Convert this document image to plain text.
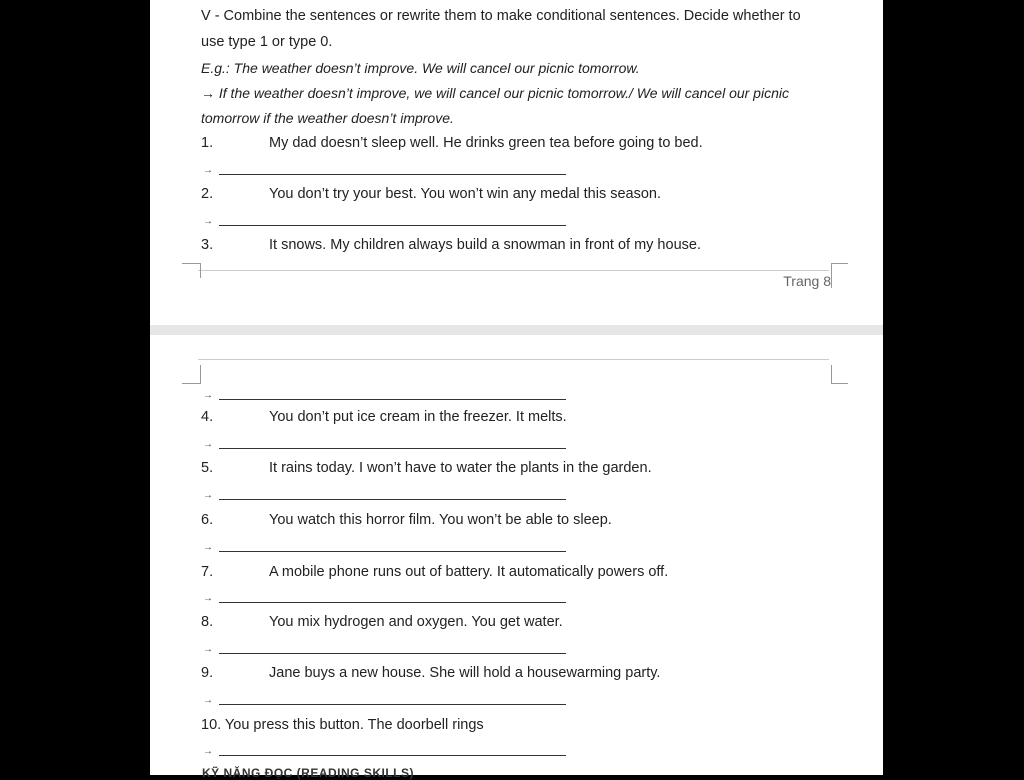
V - Combine the sentences or rewrite them to make conditional sentences. Decide whether to
use type 1 or type 0.
E.g.: The weather doesn’t improve. We will cancel our picnic tomorrow.
→ If the weather doesn’t improve, we will cancel our picnic tomorrow./ We will cancel our picnic
tomorrow if the weather doesn’t improve.
1.	My dad doesn’t sleep well. He drinks green tea before going to bed.
→
2.	You don’t try your best. You won’t win any medal this season.
→
3.	It snows. My children always build a snowman in front of my house.
Trang 8
→
4.	You don’t put ice cream in the freezer. It melts.
→
5.	It rains today. I won’t have to water the plants in the garden.
→
6.	You watch this horror film. You won’t be able to sleep.
→
7.	A mobile phone runs out of battery. It automatically powers off.
→
8.	You mix hydrogen and oxygen. You get water.
→
9.	Jane buys a new house. She will hold a housewarming party.
→
10. You press this button. The doorbell rings
→
KỸ NĂNG ĐỌC (READING SKILLS)
